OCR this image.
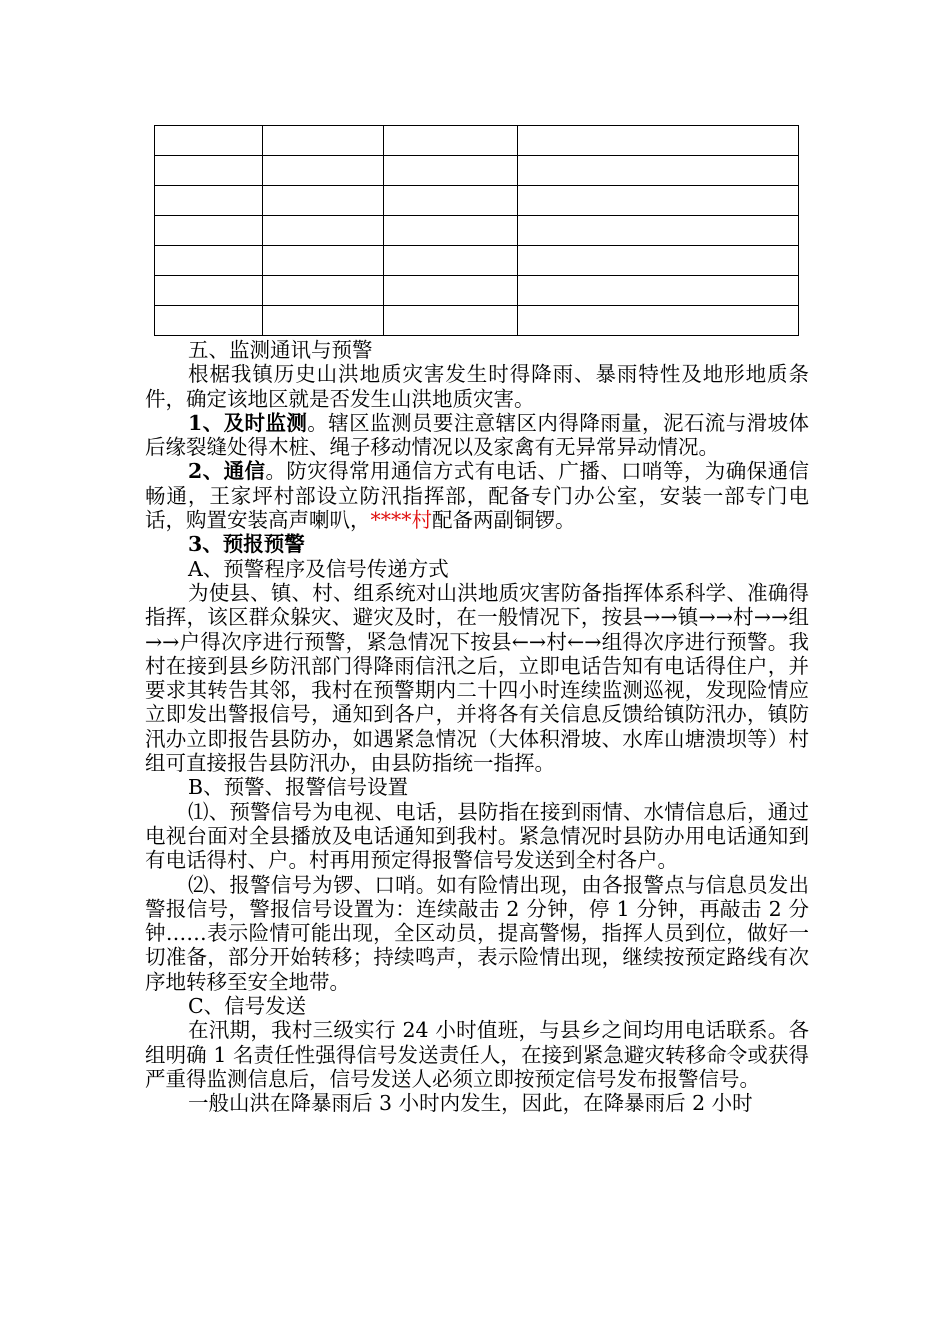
五、监测通讯与预警

根椐我镇历史山洪地质灾害发生时得降雨、暴雨特性及地形地质条件，确定该地区就是否发生山洪地质灾害。

1、及时监测。辖区监测员要注意辖区内得降雨量，泥石流与滑坡体后缘裂缝处得木桩、绳子移动情况以及家禽有无异常异动情况。

2、通信。防灾得常用通信方式有电话、广播、口哨等，为确保通信畅通，王家坪村部设立防汛指挥部，配备专门办公室，安装一部专门电话，购置安装高声喇叭，****村配备两副铜锣。

3、预报预警

A、预警程序及信号传递方式

为使县、镇、村、组系统对山洪地质灾害防备指挥体系科学、准确得指挥，该区群众躲灾、避灾及时，在一般情况下，按县→→镇→→村→→组→→户得次序进行预警，紧急情况下按县←→村←→组得次序进行预警。我村在接到县乡防汛部门得降雨信汛之后，立即电话告知有电话得住户，并要求其转告其邻，我村在预警期内二十四小时连续监测巡视，发现险情应立即发出警报信号，通知到各户，并将各有关信息反馈给镇防汛办，镇防汛办立即报告县防办，如遇紧急情况（大体积滑坡、水库山塘溃坝等）村组可直接报告县防汛办，由县防指统一指挥。

B、预警、报警信号设置

⑴、预警信号为电视、电话，县防指在接到雨情、水情信息后，通过电视台面对全县播放及电话通知到我村。紧急情况时县防办用电话通知到有电话得村、户。村再用预定得报警信号发送到全村各户。

⑵、报警信号为锣、口哨。如有险情出现，由各报警点与信息员发出警报信号，警报信号设置为：连续敲击 2 分钟，停 1 分钟，再敲击 2 分钟……表示险情可能出现，全区动员，提高警惕，指挥人员到位，做好一切准备，部分开始转移；持续鸣声，表示险情出现，继续按预定路线有次序地转移至安全地带。

C、信号发送

在汛期，我村三级实行 24 小时值班，与县乡之间均用电话联系。各组明确 1 名责任性强得信号发送责任人，在接到紧急避灾转移命令或获得严重得监测信息后，信号发送人必须立即按预定信号发布报警信号。

一般山洪在降暴雨后 3 小时内发生，因此，在降暴雨后 2 小时
